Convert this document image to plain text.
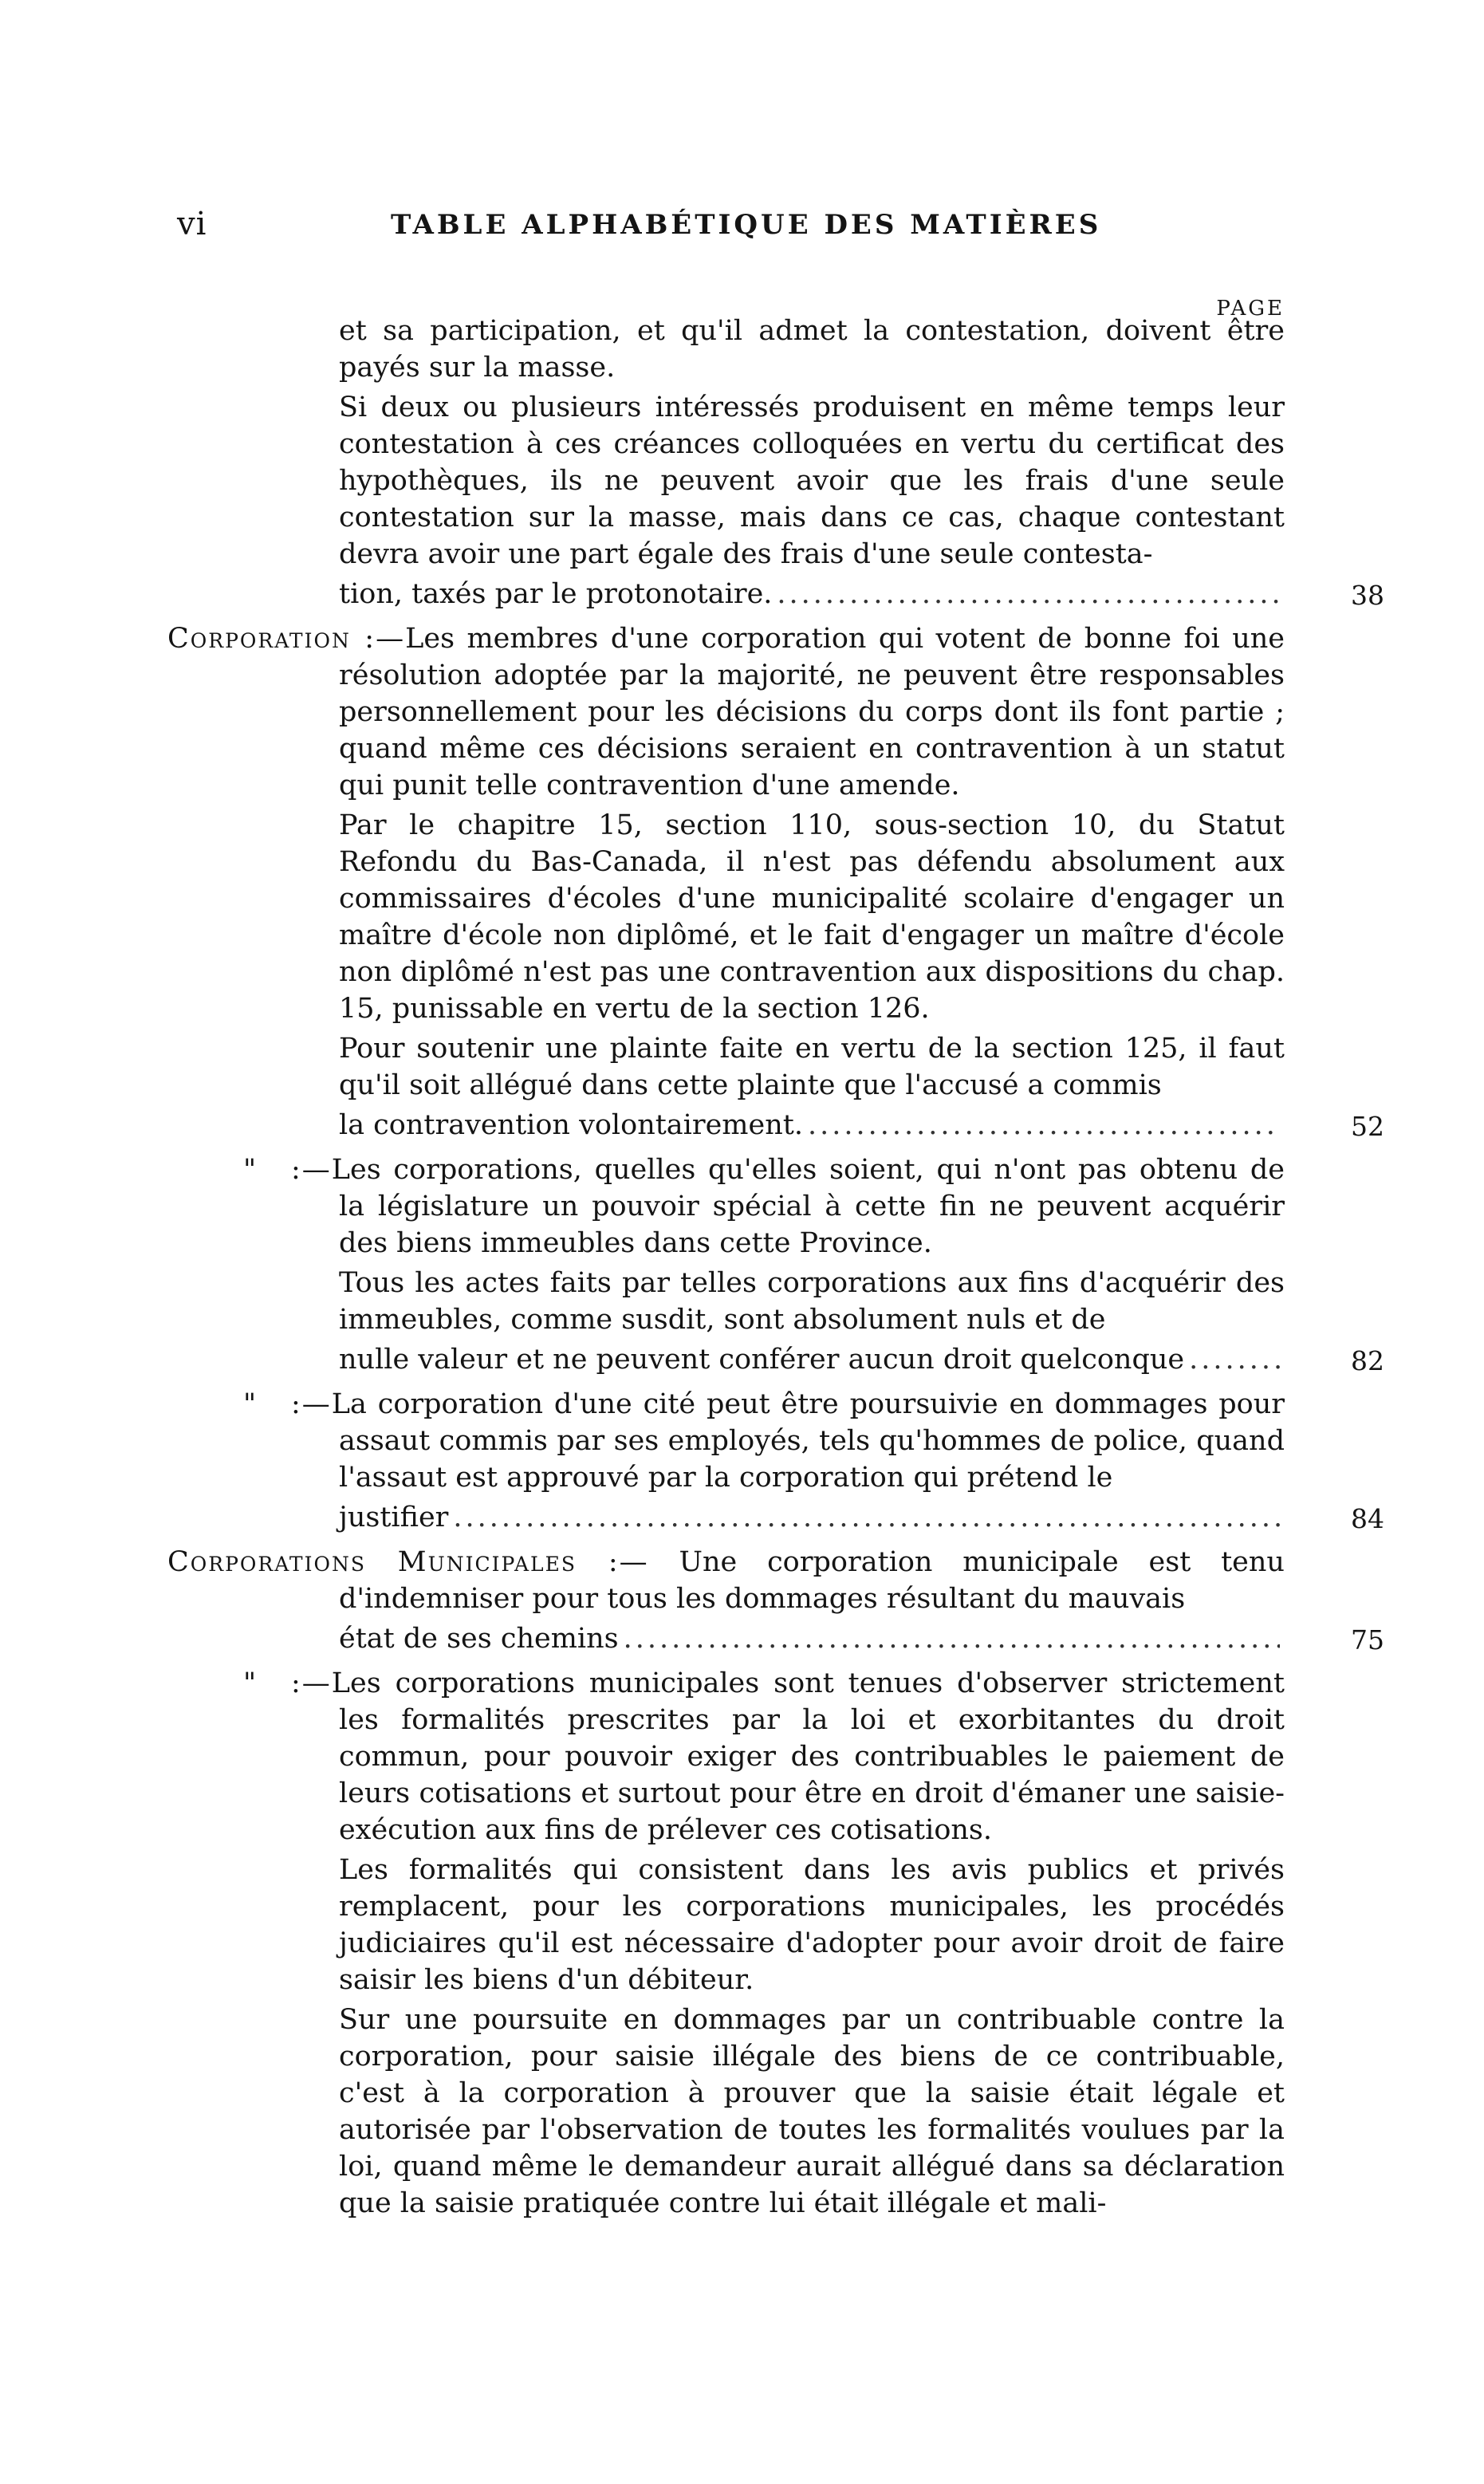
vi	TABLE ALPHABÉTIQUE DES MATIÈRES
PAGE

et sa participation, et qu'il admet la contestation, doivent être payés sur la masse.

Si deux ou plusieurs intéressés produisent en même temps leur contestation à ces créances colloquées en vertu du certificat des hypothèques, ils ne peuvent avoir que les frais d'une seule contestation sur la masse, mais dans ce cas, chaque contestant devra avoir une part égale des frais d'une seule contesta-

tion, taxés par le protonotaire. .....	38

Corporation :—Les membres d'une corporation qui votent de bonne foi une résolution adoptée par la majorité, ne peuvent être responsables personnellement pour les décisions du corps dont ils font partie ; quand même ces décisions seraient en contravention à un statut qui punit telle contravention d'une amende.

Par le chapitre 15, section 110, sous-section 10, du Statut Refondu du Bas-Canada, il n'est pas défendu absolument aux commissaires d'écoles d'une municipalité scolaire d'engager un maître d'école non diplômé, et le fait d'engager un maître d'école non diplômé n'est pas une contravention aux dispositions du chap. 15, punissable en vertu de la section 126.

Pour soutenir une plainte faite en vertu de la section 125, il faut qu'il soit allégué dans cette plainte que l'accusé a commis

la contravention volontairement. .....	52

" :—Les corporations, quelles qu'elles soient, qui n'ont pas obtenu de la législature un pouvoir spécial à cette fin ne peuvent acquérir des biens immeubles dans cette Province.

Tous les actes faits par telles corporations aux fins d'acquérir des immeubles, comme susdit, sont absolument nuls et de

nulle valeur et ne peuvent conférer aucun droit quelconque .....	82

" :—La corporation d'une cité peut être poursuivie en dommages pour assaut commis par ses employés, tels qu'hommes de police, quand l'assaut est approuvé par la corporation qui prétend le

justifier .....	84

Corporations Municipales :— Une corporation municipale est tenu d'indemniser pour tous les dommages résultant du mauvais

état de ses chemins .....	75

" :—Les corporations municipales sont tenues d'observer strictement les formalités prescrites par la loi et exorbitantes du droit commun, pour pouvoir exiger des contribuables le paiement de leurs cotisations et surtout pour être en droit d'émaner une saisie-exécution aux fins de prélever ces cotisations.

Les formalités qui consistent dans les avis publics et privés remplacent, pour les corporations municipales, les procédés judiciaires qu'il est nécessaire d'adopter pour avoir droit de faire saisir les biens d'un débiteur.

Sur une poursuite en dommages par un contribuable contre la corporation, pour saisie illégale des biens de ce contribuable, c'est à la corporation à prouver que la saisie était légale et autorisée par l'observation de toutes les formalités voulues par la loi, quand même le demandeur aurait allégué dans sa déclaration que la saisie pratiquée contre lui était illégale et mali-
